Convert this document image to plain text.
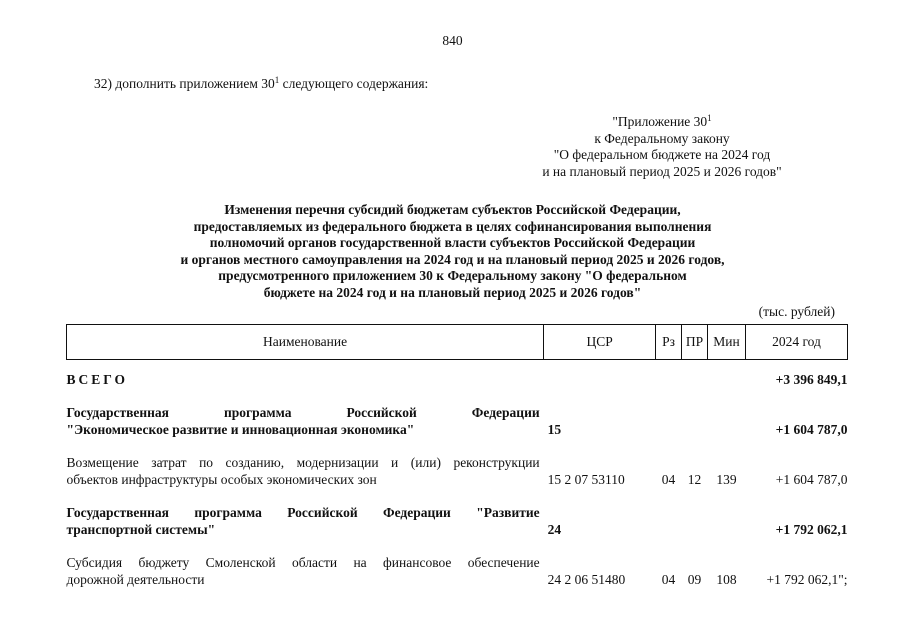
840
32) дополнить приложением $30^1$ следующего содержания:
"Приложение $30^1$
к Федеральному закону
"О федеральном бюджете на 2024 год
и на плановый период 2025 и 2026 годов"
Изменения перечня субсидий бюджетам субъектов Российской Федерации,
предоставляемых из федерального бюджета в целях софинансирования выполнения
полномочий органов государственной власти субъектов Российской Федерации
и органов местного самоуправления на 2024 год и на плановый период 2025 и 2026 годов,
предусмотренного приложением 30 к Федеральному закону "О федеральном
бюджете на 2024 год и на плановый период 2025 и 2026 годов"
(тыс. рублей)
Наименование	ЦСР	Рз	ПР	Мин	2024 год
ВСЕГО					+3 396 849,1
Государственная программа Российской Федерации
"Экономическое развитие и инновационная экономика"	15				+1 604 787,0
Возмещение затрат по созданию, модернизации и (или) реконструкции
объектов инфраструктуры особых экономических зон	15 2 07 53110	04	12	139	+1 604 787,0
Государственная программа Российской Федерации "Развитие
транспортной системы"	24				+1 792 062,1
Субсидия бюджету Смоленской области на финансовое обеспечение
дорожной деятельности	24 2 06 51480	04	09	108	+1 792 062,1";
